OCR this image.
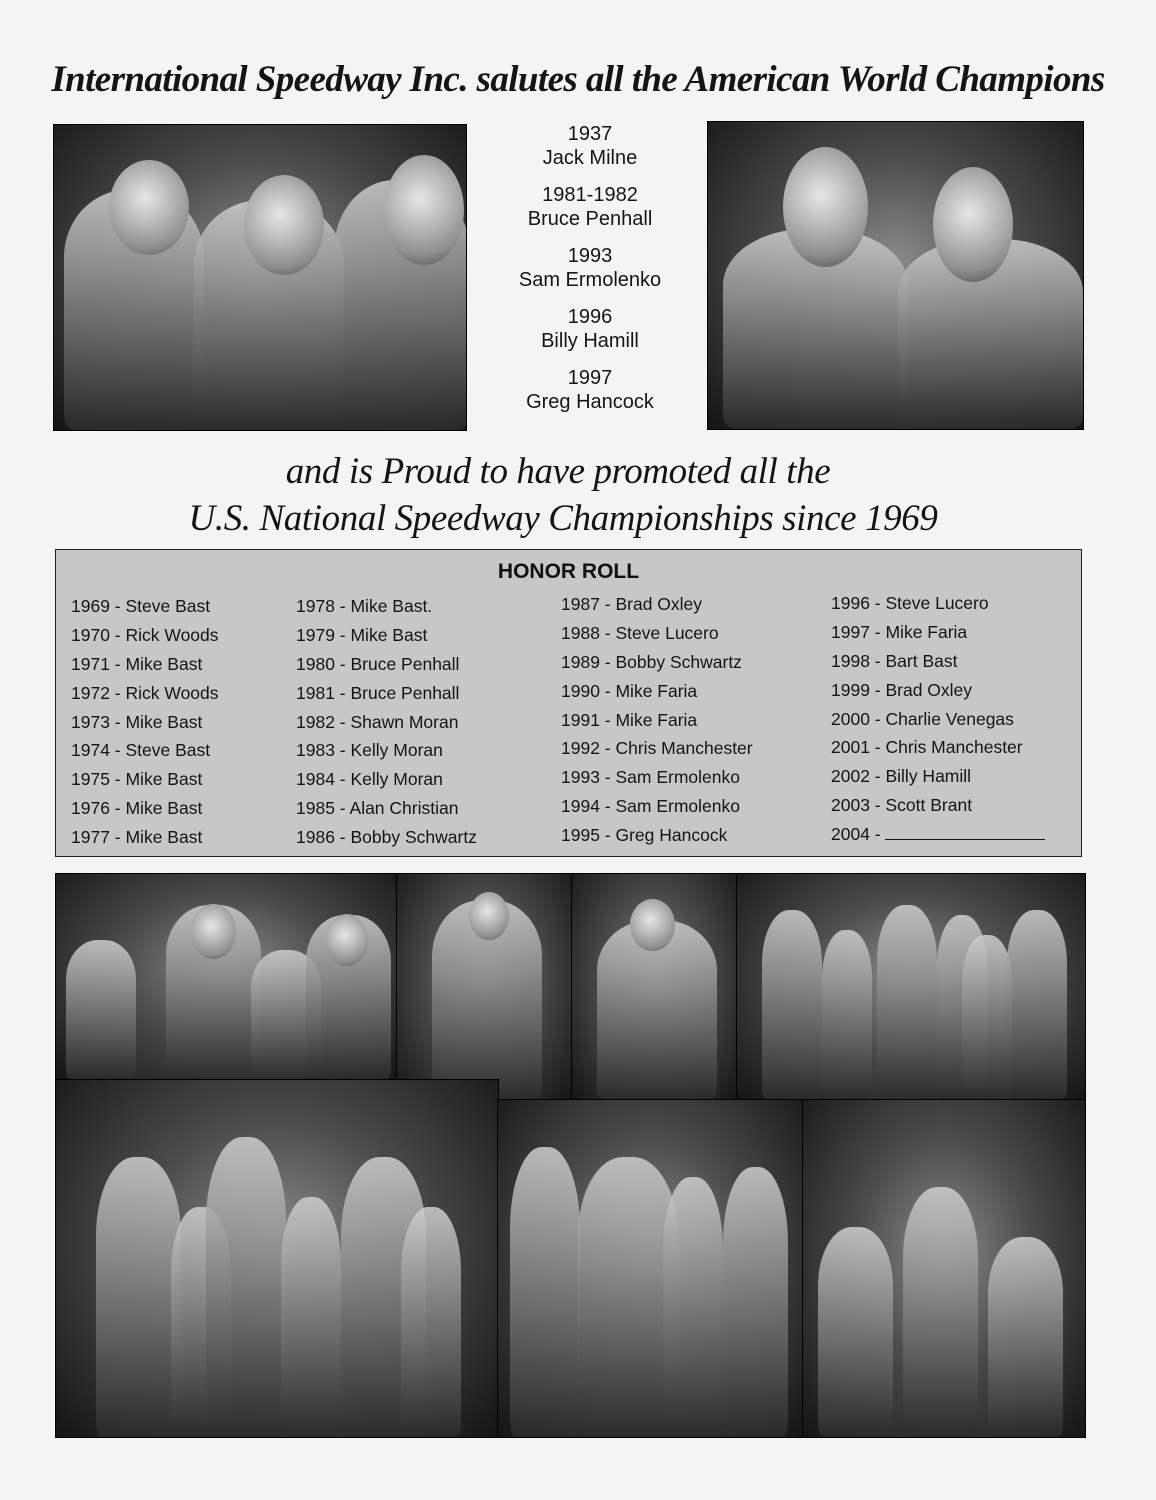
International Speedway Inc. salutes all the American World Champions
1937
Jack Milne
1981-1982
Bruce Penhall
1993
Sam Ermolenko
1996
Billy Hamill
1997
Greg Hancock
and is Proud to have promoted all the
U.S. National Speedway Championships since 1969
HONOR ROLL
1969 - Steve Bast
1970 - Rick Woods
1971 - Mike Bast
1972 - Rick Woods
1973 - Mike Bast
1974 - Steve Bast
1975 - Mike Bast
1976 - Mike Bast
1977 - Mike Bast
1978 - Mike Bast.
1979 - Mike Bast
1980 - Bruce Penhall
1981 - Bruce Penhall
1982 - Shawn Moran
1983 - Kelly Moran
1984 - Kelly Moran
1985 - Alan Christian
1986 - Bobby Schwartz
1987 - Brad Oxley
1988 - Steve Lucero
1989 - Bobby Schwartz
1990 - Mike Faria
1991 - Mike Faria
1992 - Chris Manchester
1993 - Sam Ermolenko
1994 - Sam Ermolenko
1995 - Greg Hancock
1996 - Steve Lucero
1997 - Mike Faria
1998 - Bart Bast
1999 - Brad Oxley
2000 - Charlie Venegas
2001 - Chris Manchester
2002 - Billy Hamill
2003 - Scott Brant
2004 -
